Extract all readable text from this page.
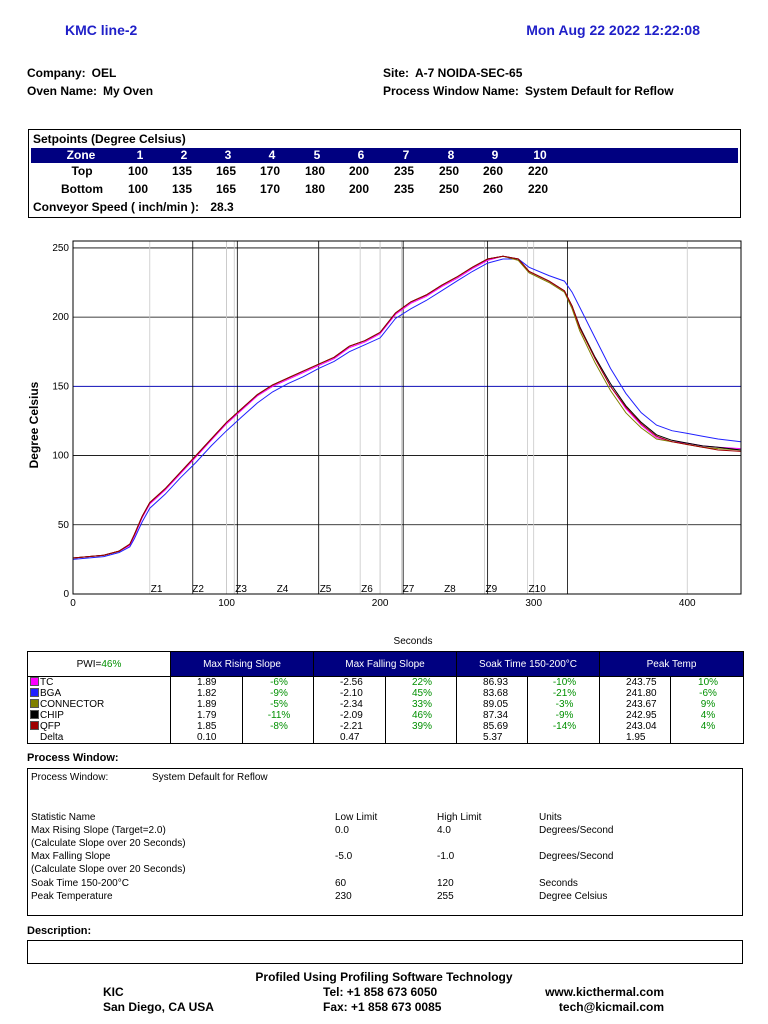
KMC line-2	Mon Aug 22 2022 12:22:08
Company: OEL
Oven Name: My Oven
Site: A-7 NOIDA-SEC-65
Process Window Name: System Default for Reflow
Setpoints (Degree Celsius)
Zone	1	2	3	4	5	6	7	8	9	10
Top	100	135	165	170	180	200	235	250	260	220
Bottom	100	135	165	170	180	200	235	250	260	220
Conveyor Speed ( inch/min ): 28.3
Z1	Z2	Z3	Z4	Z5	Z6	Z7	Z8	Z9	Z10
0
50
100
150
200
250
0	100	200	300	400
Degree Celsius
Seconds
PWI=46%	Max Rising Slope		Max Falling Slope		Soak Time 150-200°C		Peak Temp	
TC	1.89	-6%	-2.56	22%	86.93	-10%	243.75	10%
BGA	1.82	-9%	-2.10	45%	83.68	-21%	241.80	-6%
CONNECTOR	1.89	-5%	-2.34	33%	89.05	-3%	243.67	9%
CHIP	1.79	-11%	-2.09	46%	87.34	-9%	242.95	4%
QFP	1.85	-8%	-2.21	39%	85.69	-14%	243.04	4%
Delta	0.10		0.47		5.37		1.95	
Process Window:
Process Window:	System Default for Reflow
Statistic Name	Low Limit	High Limit	Units
Max Rising Slope (Target=2.0)	0.0	4.0	Degrees/Second
(Calculate Slope over 20 Seconds)
Max Falling Slope	-5.0	-1.0	Degrees/Second
(Calculate Slope over 20 Seconds)
Soak Time 150-200°C	60	120	Seconds
Peak Temperature	230	255	Degree Celsius
Description:
Profiled Using Profiling Software Technology
KIC
San Diego, CA USA
Tel: +1 858 673 6050
Fax: +1 858 673 0085
www.kicthermal.com
tech@kicmail.com
